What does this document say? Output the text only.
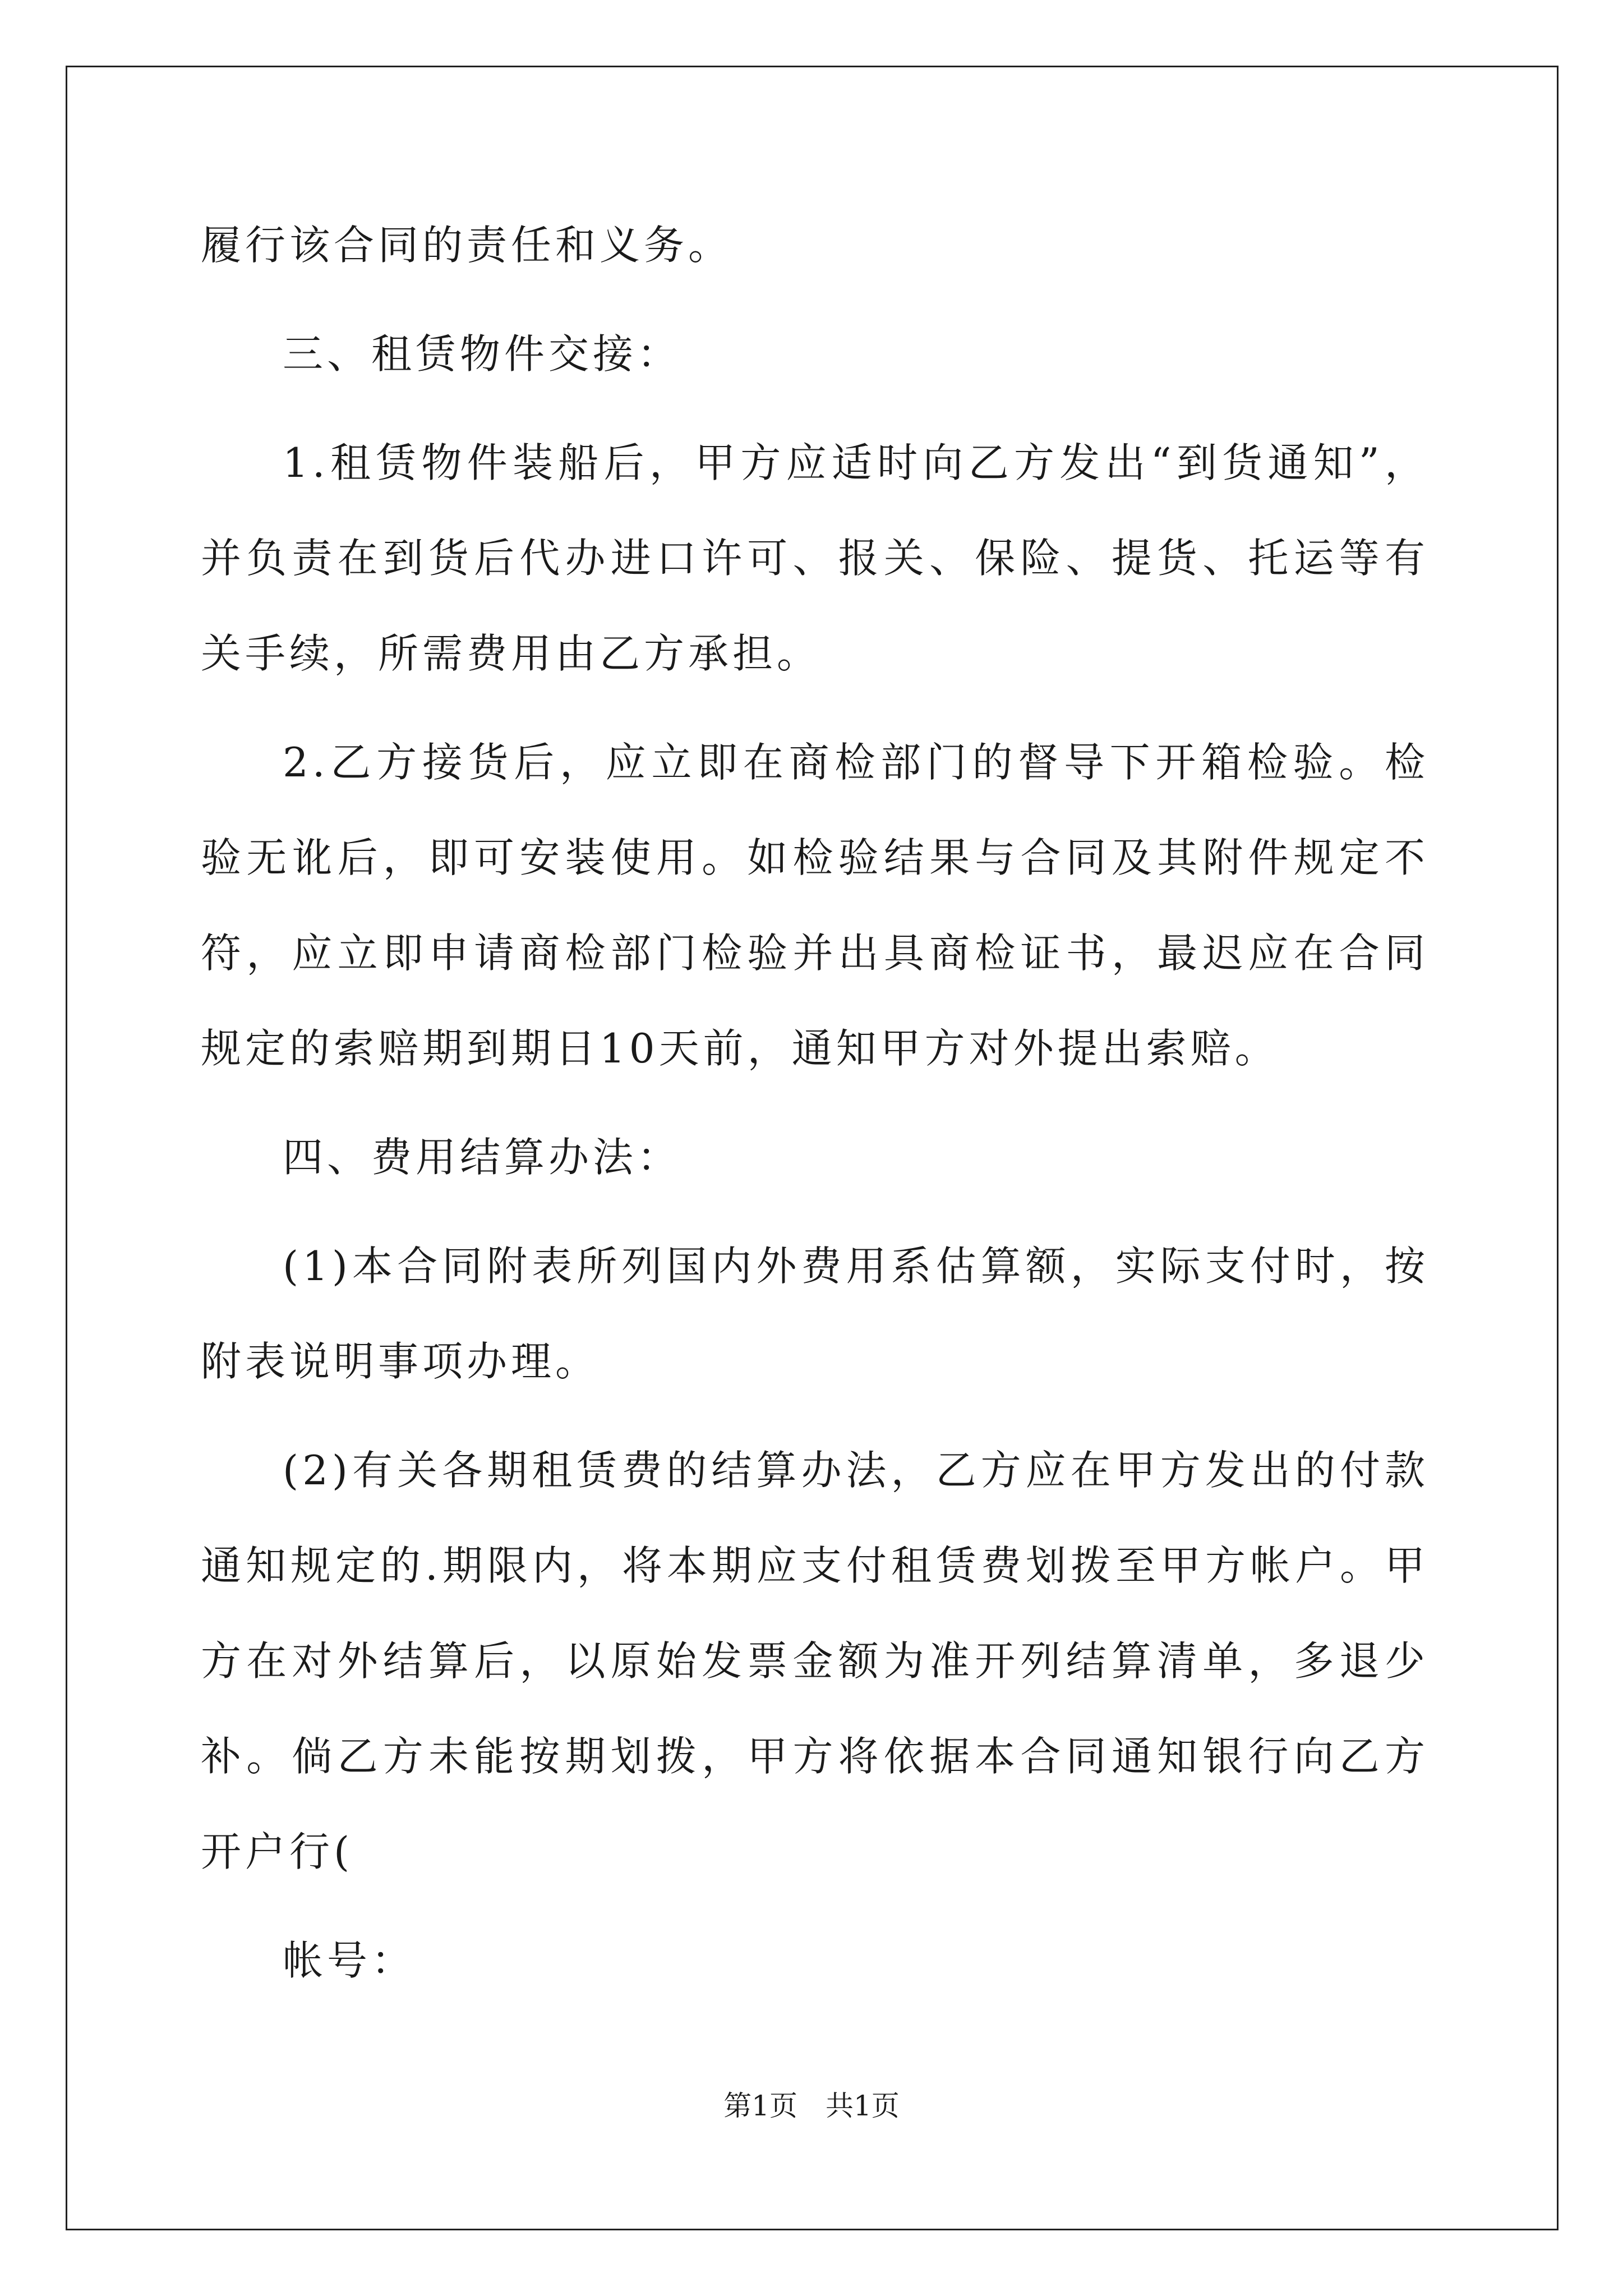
履行该合同的责任和义务。

三、租赁物件交接：

1.租赁物件装船后，甲方应适时向乙方发出“到货通知”，并负责在到货后代办进口许可、报关、保险、提货、托运等有关手续，所需费用由乙方承担。

2.乙方接货后，应立即在商检部门的督导下开箱检验。检验无讹后，即可安装使用。如检验结果与合同及其附件规定不符，应立即申请商检部门检验并出具商检证书，最迟应在合同规定的索赔期到期日10天前，通知甲方对外提出索赔。

四、费用结算办法：

(1)本合同附表所列国内外费用系估算额，实际支付时，按附表说明事项办理。

(2)有关各期租赁费的结算办法，乙方应在甲方发出的付款通知规定的.期限内，将本期应支付租赁费划拨至甲方帐户。甲方在对外结算后，以原始发票金额为准开列结算清单，多退少补。倘乙方未能按期划拨，甲方将依据本合同通知银行向乙方开户行(

帐号：

第1页 共1页
